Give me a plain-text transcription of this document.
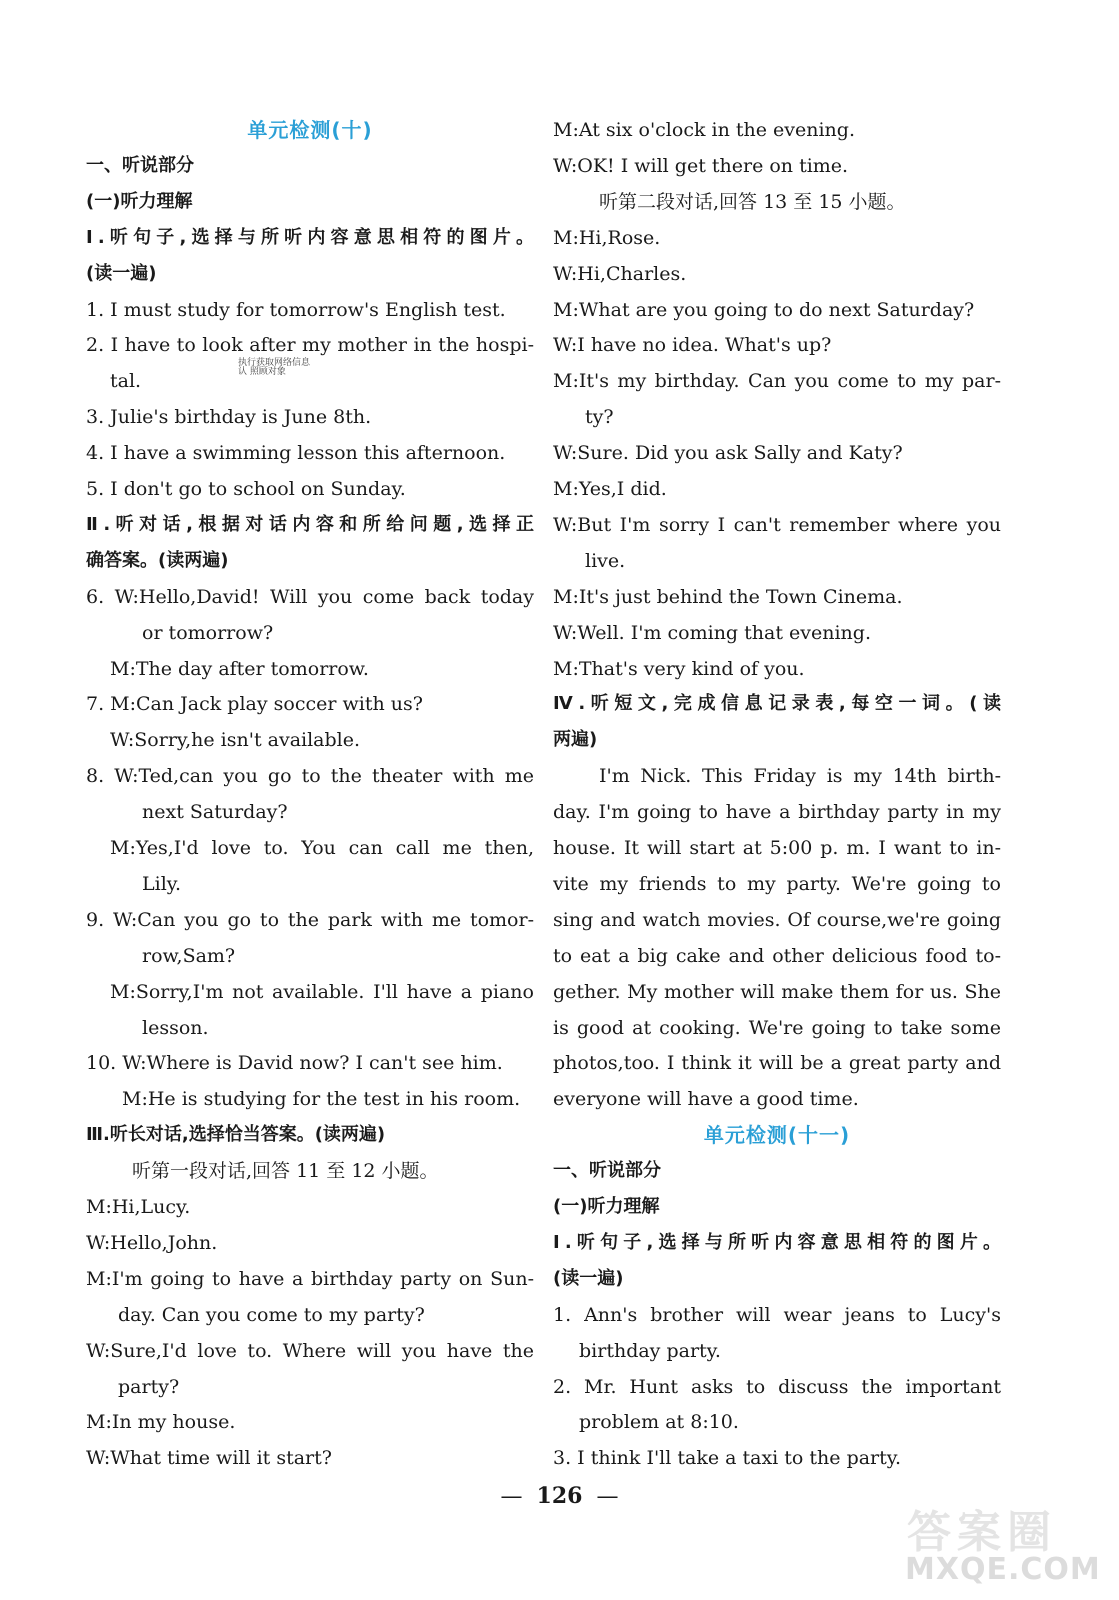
单元检测(十)
一、听说部分
(一)听力理解
Ⅰ.听句子,选择与所听内容意思相符的图片。
(读一遍)
1. I must study for tomorrow's English test.
2. I have to look after my mother in the hospi-
tal.
3. Julie's birthday is June 8th.
4. I have a swimming lesson this afternoon.
5. I don't go to school on Sunday.
Ⅱ.听对话,根据对话内容和所给问题,选择正
确答案。(读两遍)
6. W:Hello,David! Will you come back today
or tomorrow?
M:The day after tomorrow.
7. M:Can Jack play soccer with us?
W:Sorry,he isn't available.
8. W:Ted,can you go to the theater with me
next Saturday?
M:Yes,I'd love to. You can call me then,
Lily.
9. W:Can you go to the park with me tomor-
row,Sam?
M:Sorry,I'm not available. I'll have a piano
lesson.
10. W:Where is David now? I can't see him.
M:He is studying for the test in his room.
Ⅲ.听长对话,选择恰当答案。(读两遍)
听第一段对话,回答 11 至 12 小题。
M:Hi,Lucy.
W:Hello,John.
M:I'm going to have a birthday party on Sun-
day. Can you come to my party?
W:Sure,I'd love to. Where will you have the
party?
M:In my house.
W:What time will it start?
M:At six o'clock in the evening.
W:OK! I will get there on time.
听第二段对话,回答 13 至 15 小题。
M:Hi,Rose.
W:Hi,Charles.
M:What are you going to do next Saturday?
W:I have no idea. What's up?
M:It's my birthday. Can you come to my par-
ty?
W:Sure. Did you ask Sally and Katy?
M:Yes,I did.
W:But I'm sorry I can't remember where you
live.
M:It's just behind the Town Cinema.
W:Well. I'm coming that evening.
M:That's very kind of you.
Ⅳ.听短文,完成信息记录表,每空一词。(读
两遍)
I'm Nick. This Friday is my 14th birth-
day. I'm going to have a birthday party in my
house. It will start at 5:00 p. m. I want to in-
vite my friends to my party. We're going to
sing and watch movies. Of course,we're going
to eat a big cake and other delicious food to-
gether. My mother will make them for us. She
is good at cooking. We're going to take some
photos,too. I think it will be a great party and
everyone will have a good time.
单元检测(十一)
一、听说部分
(一)听力理解
Ⅰ.听句子,选择与所听内容意思相符的图片。
(读一遍)
1. Ann's brother will wear jeans to Lucy's
birthday party.
2. Mr. Hunt asks to discuss the important
problem at 8:10.
3. I think I'll take a taxi to the party.
执行获取网络信息
认 照顾对象
— 126 —
答案圈
MXQE.COM
